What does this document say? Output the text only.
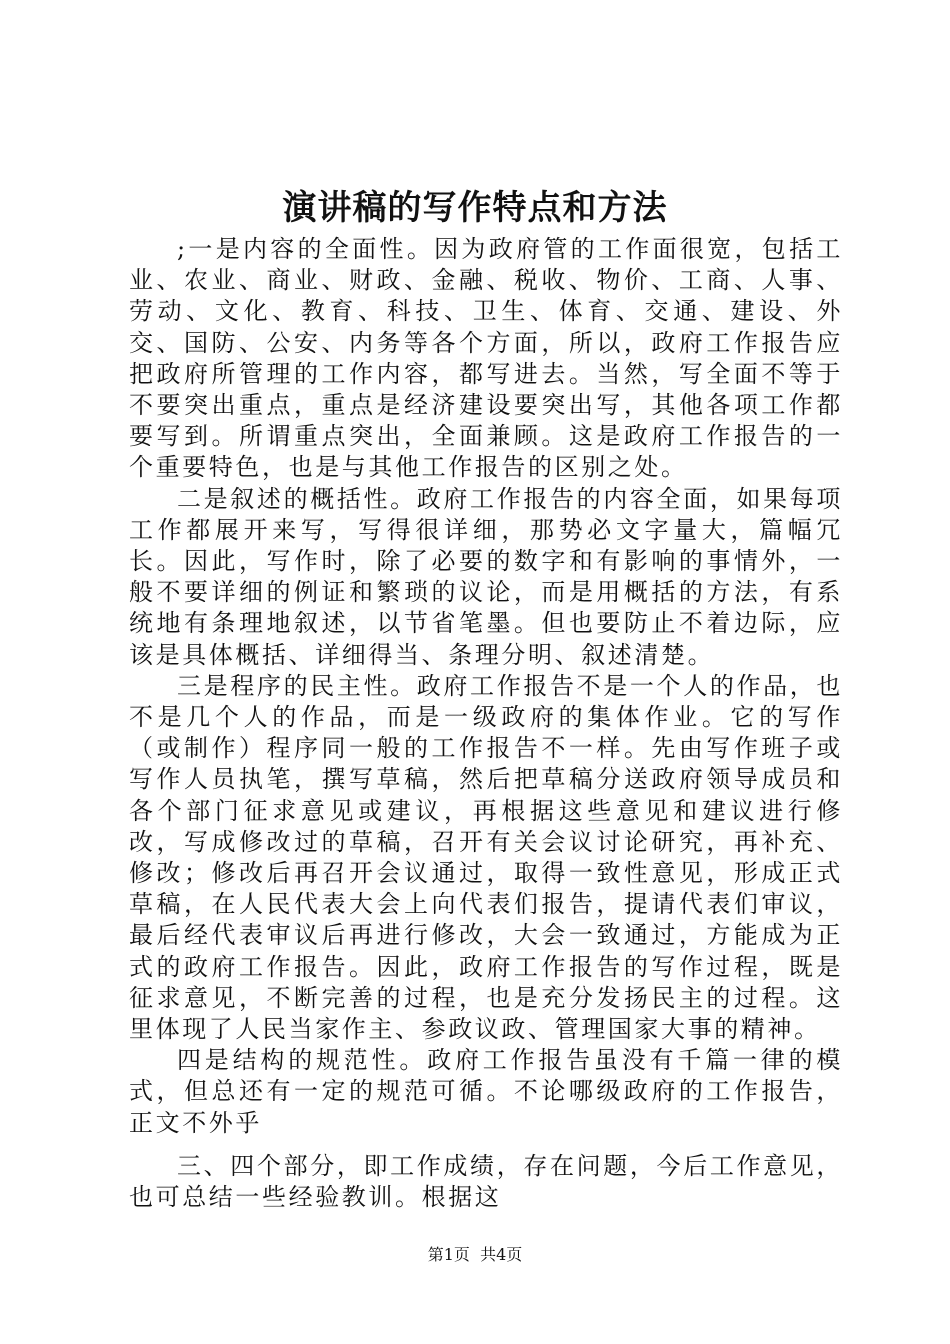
演讲稿的写作特点和方法

;一是内容的全面性。因为政府管的工作面很宽，包括工业、农业、商业、财政、金融、税收、物价、工商、人事、劳动、文化、教育、科技、卫生、体育、交通、建设、外交、国防、公安、内务等各个方面，所以，政府工作报告应把政府所管理的工作内容，都写进去。当然，写全面不等于不要突出重点，重点是经济建设要突出写，其他各项工作都要写到。所谓重点突出，全面兼顾。这是政府工作报告的一个重要特色，也是与其他工作报告的区别之处。

二是叙述的概括性。政府工作报告的内容全面，如果每项工作都展开来写，写得很详细，那势必文字量大，篇幅冗长。因此，写作时，除了必要的数字和有影响的事情外，一般不要详细的例证和繁琐的议论，而是用概括的方法，有系统地有条理地叙述，以节省笔墨。但也要防止不着边际，应该是具体概括、详细得当、条理分明、叙述清楚。

三是程序的民主性。政府工作报告不是一个人的作品，也不是几个人的作品，而是一级政府的集体作业。它的写作（或制作）程序同一般的工作报告不一样。先由写作班子或写作人员执笔，撰写草稿，然后把草稿分送政府领导成员和各个部门征求意见或建议，再根据这些意见和建议进行修改，写成修改过的草稿，召开有关会议讨论研究，再补充、修改；修改后再召开会议通过，取得一致性意见，形成正式草稿，在人民代表大会上向代表们报告，提请代表们审议，最后经代表审议后再进行修改，大会一致通过，方能成为正式的政府工作报告。因此，政府工作报告的写作过程，既是征求意见，不断完善的过程，也是充分发扬民主的过程。这里体现了人民当家作主、参政议政、管理国家大事的精神。

四是结构的规范性。政府工作报告虽没有千篇一律的模式，但总还有一定的规范可循。不论哪级政府的工作报告，正文不外乎

三、四个部分，即工作成绩，存在问题，今后工作意见，也可总结一些经验教训。根据这

第1页 共4页
